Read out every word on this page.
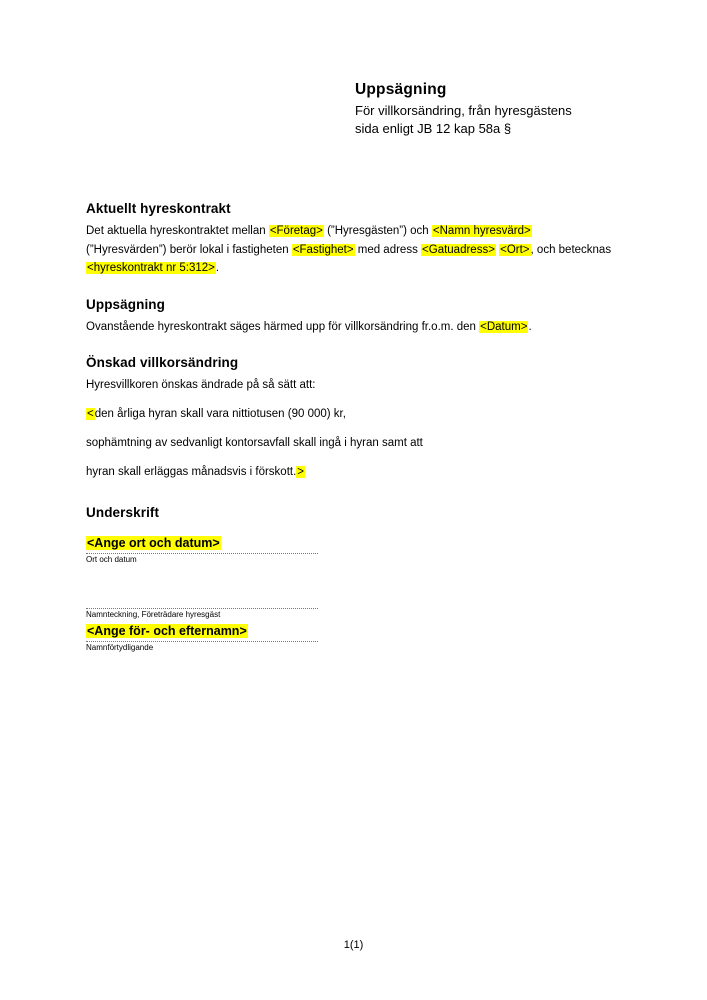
Uppsägning
För villkorsändring, från hyresgästens
sida enligt JB 12 kap 58a §
Aktuellt hyreskontrakt
Det aktuella hyreskontraktet mellan <Företag> (”Hyresgästen”) och <Namn hyresvärd>
(”Hyresvärden”) berör lokal i fastigheten <Fastighet> med adress <Gatuadress> <Ort>, och betecknas
<hyreskontrakt nr 5:312>.
Uppsägning
Ovanstående hyreskontrakt säges härmed upp för villkorsändring fr.o.m. den <Datum>.
Önskad villkorsändring
Hyresvillkoren önskas ändrade på så sätt att:
<den årliga hyran skall vara nittiotusen (90 000) kr,
sophämtning av sedvanligt kontorsavfall skall ingå i hyran samt att
hyran skall erläggas månadsvis i förskott.>
Underskrift
<Ange ort och datum>
Ort och datum
Namnteckning, Företrädare hyresgäst
<Ange för- och efternamn>
Namnförtydligande
1(1)
